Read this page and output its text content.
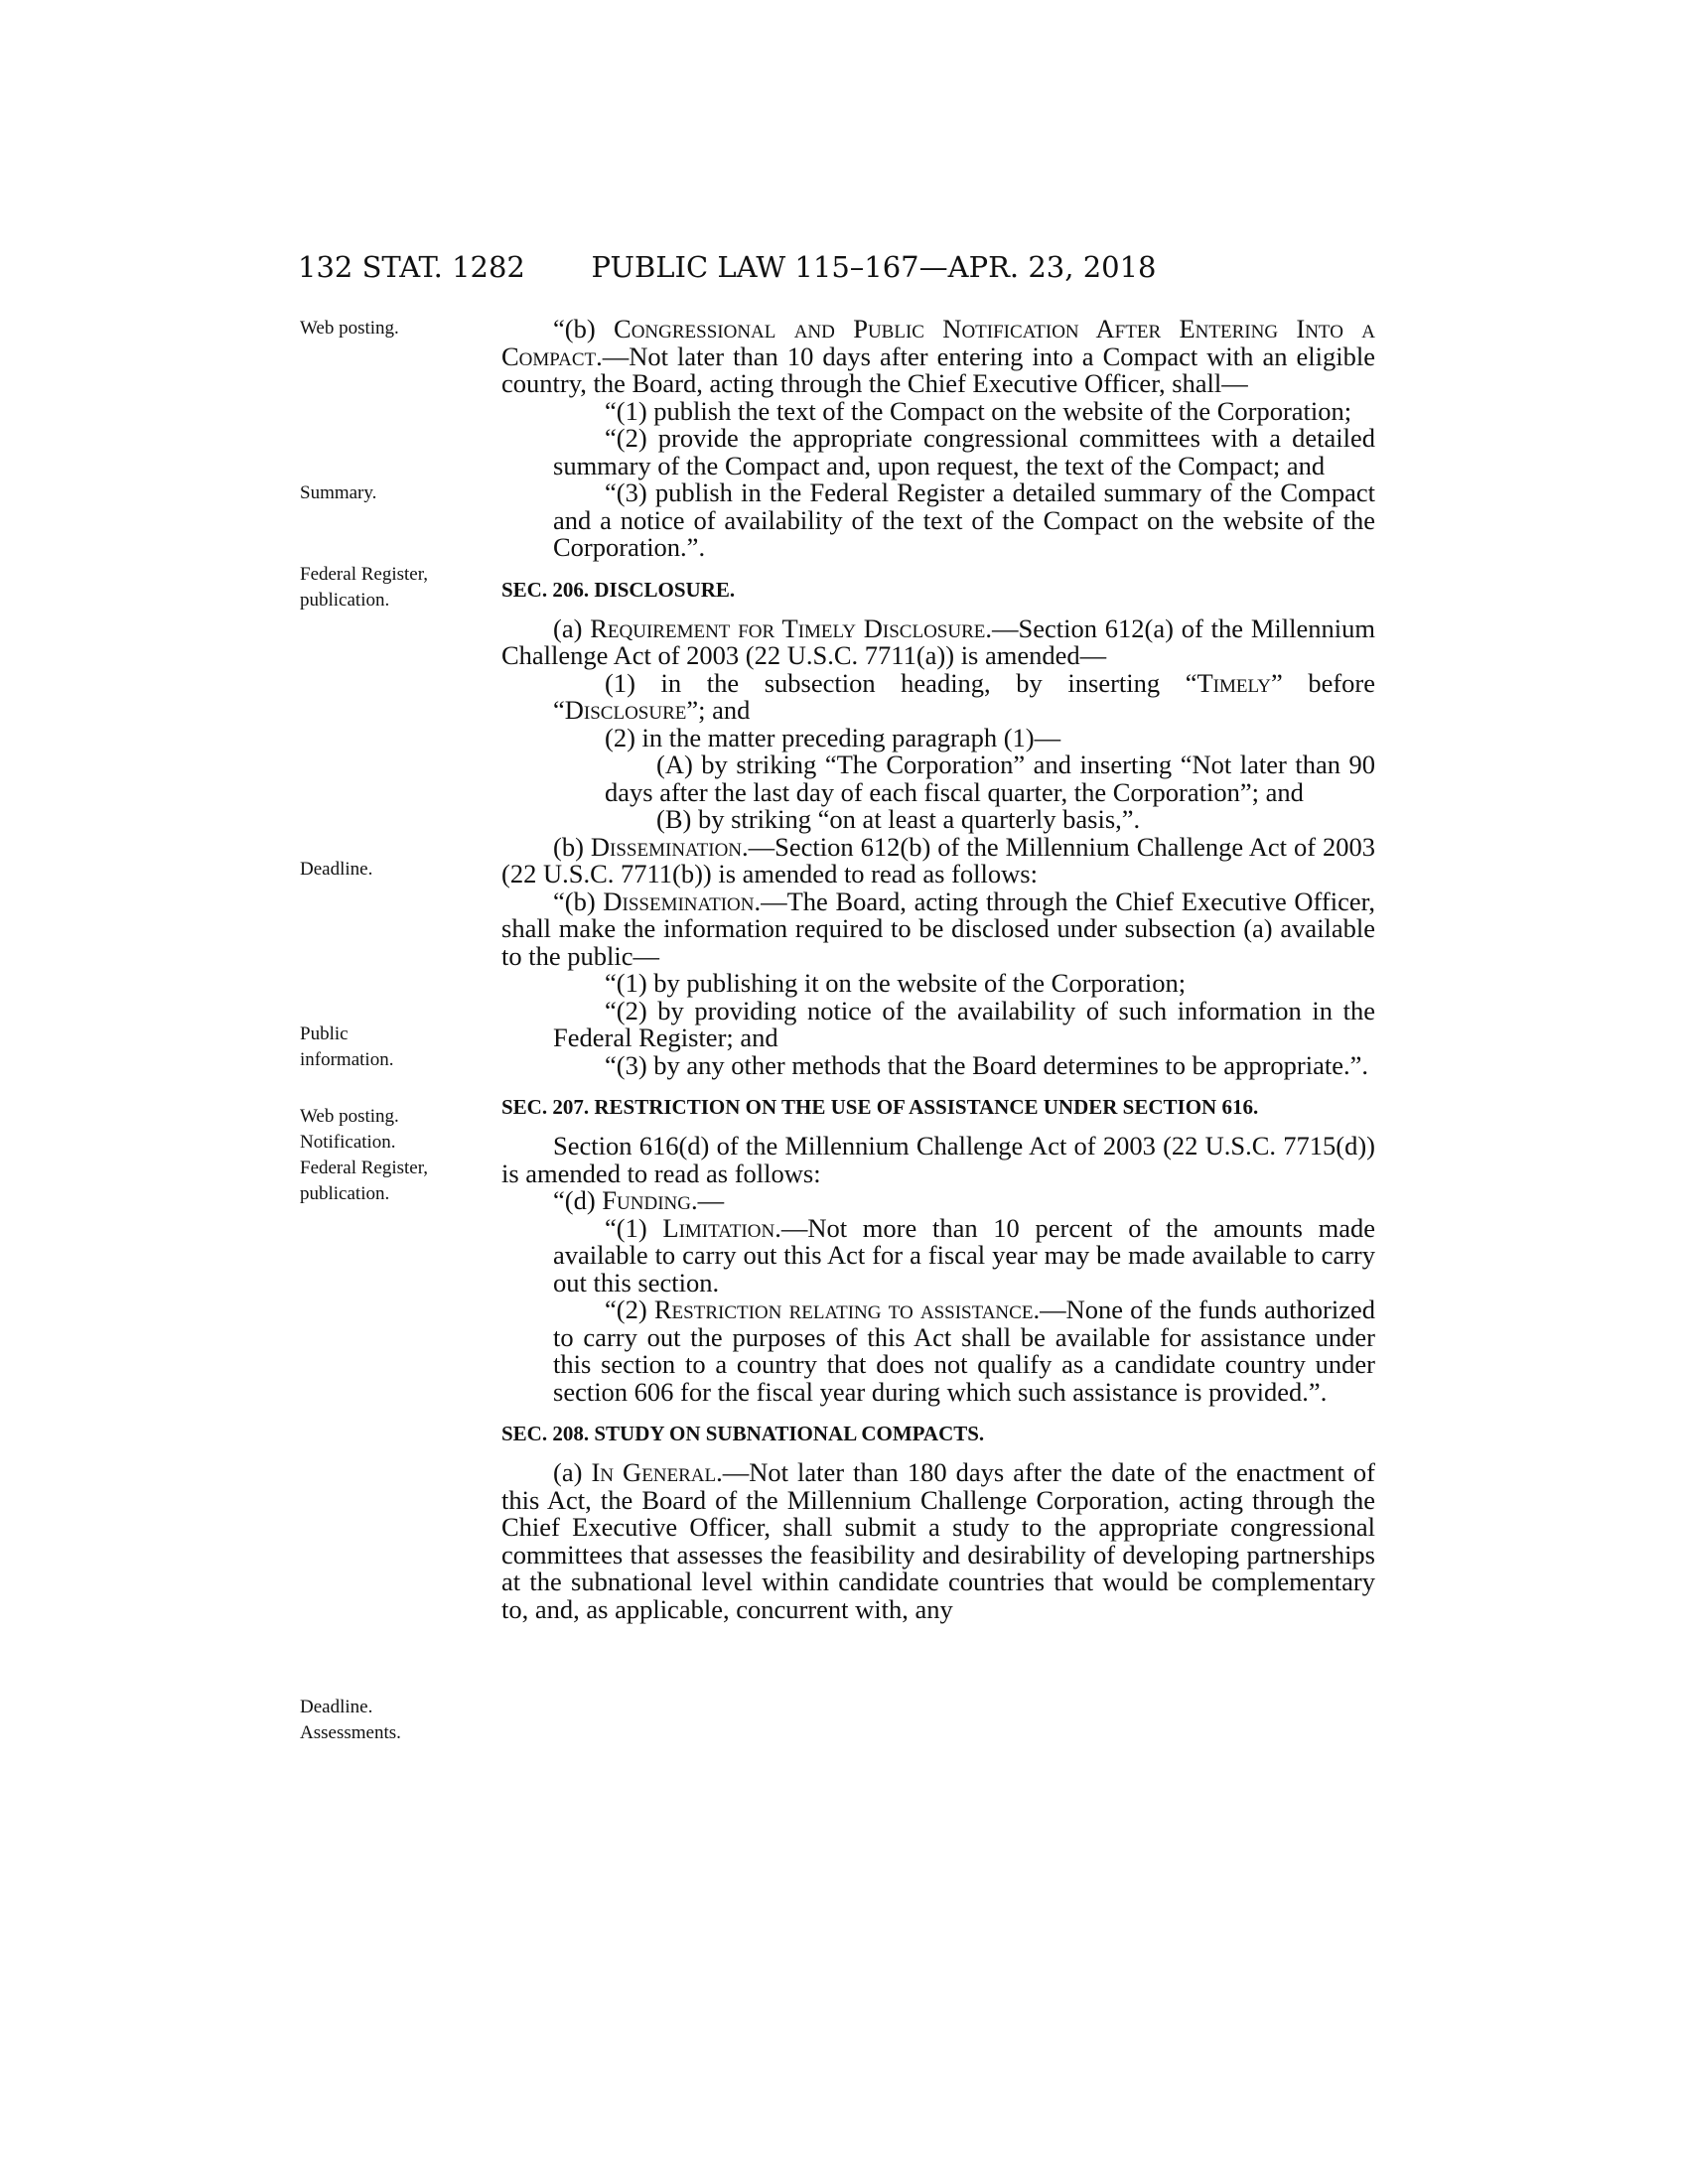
132 STAT. 1282	PUBLIC LAW 115–167—APR. 23, 2018
Web posting.
Summary.
Federal Register,
publication.
Deadline.
Public
information.
Web posting.
Notification.
Federal Register,
publication.
Deadline.
Assessments.

“(b) Congressional and Public Notification After Entering Into a Compact.—Not later than 10 days after entering into a Compact with an eligible country, the Board, acting through the Chief Executive Officer, shall—

“(1) publish the text of the Compact on the website of the Corporation;

“(2) provide the appropriate congressional committees with a detailed summary of the Compact and, upon request, the text of the Compact; and

“(3) publish in the Federal Register a detailed summary of the Compact and a notice of availability of the text of the Compact on the website of the Corporation.”.

SEC. 206. DISCLOSURE.

(a) Requirement for Timely Disclosure.—Section 612(a) of the Millennium Challenge Act of 2003 (22 U.S.C. 7711(a)) is amended—

(1) in the subsection heading, by inserting “Timely” before “Disclosure”; and

(2) in the matter preceding paragraph (1)—

(A) by striking “The Corporation” and inserting “Not later than 90 days after the last day of each fiscal quarter, the Corporation”; and

(B) by striking “on at least a quarterly basis,”.

(b) Dissemination.—Section 612(b) of the Millennium Challenge Act of 2003 (22 U.S.C. 7711(b)) is amended to read as follows:

“(b) Dissemination.—The Board, acting through the Chief Executive Officer, shall make the information required to be disclosed under subsection (a) available to the public—

“(1) by publishing it on the website of the Corporation;

“(2) by providing notice of the availability of such information in the Federal Register; and

“(3) by any other methods that the Board determines to be appropriate.”.

SEC. 207. RESTRICTION ON THE USE OF ASSISTANCE UNDER SECTION 616.

Section 616(d) of the Millennium Challenge Act of 2003 (22 U.S.C. 7715(d)) is amended to read as follows:

“(d) Funding.—

“(1) Limitation.—Not more than 10 percent of the amounts made available to carry out this Act for a fiscal year may be made available to carry out this section.

“(2) Restriction relating to assistance.—None of the funds authorized to carry out the purposes of this Act shall be available for assistance under this section to a country that does not qualify as a candidate country under section 606 for the fiscal year during which such assistance is provided.”.

SEC. 208. STUDY ON SUBNATIONAL COMPACTS.

(a) In General.—Not later than 180 days after the date of the enactment of this Act, the Board of the Millennium Challenge Corporation, acting through the Chief Executive Officer, shall submit a study to the appropriate congressional committees that assesses the feasibility and desirability of developing partnerships at the subnational level within candidate countries that would be complementary to, and, as applicable, concurrent with, any
